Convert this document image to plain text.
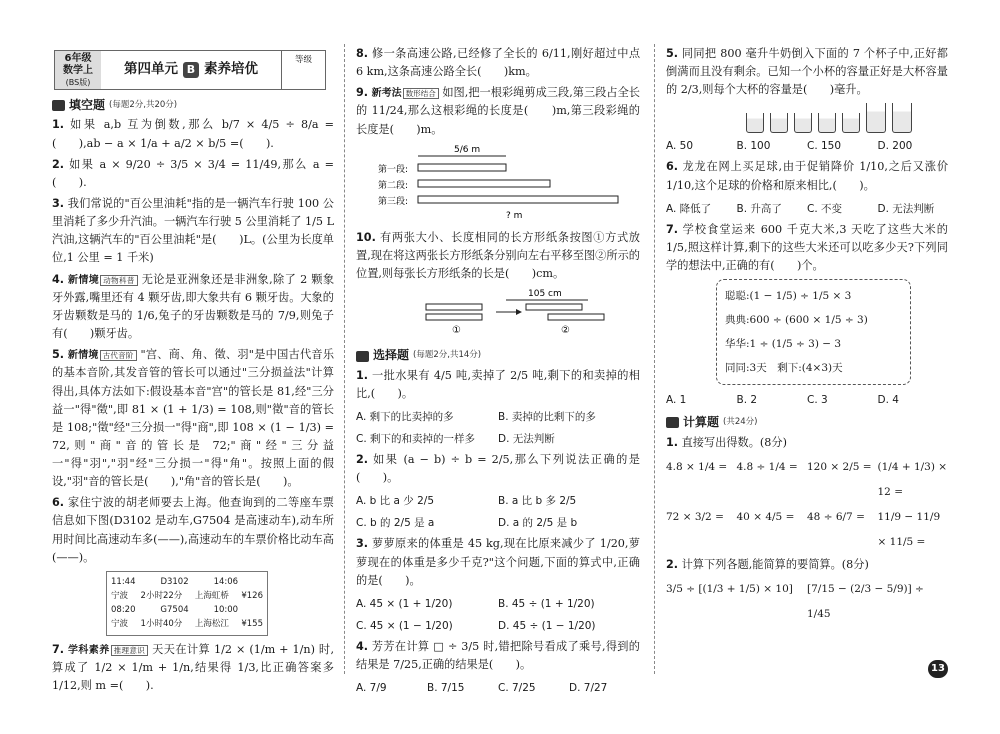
6年级
数学上
(BS版)
第四单元 B 素养培优
等级
填空题 (每题2分,共20分)
1. 如果 a,b 互为倒数,那么 b/7 × 4/5 ÷ 8/a =(　　),ab − a × 1/a + a/2 × b/5 =(　　).
2. 如果 a × 9/20 ÷ 3/5 × 3/4 = 11/49,那么 a =(　　).
3. 我们常说的"百公里油耗"指的是一辆汽车行驶 100 公里消耗了多少升汽油。一辆汽车行驶 5 公里消耗了 1/5 L 汽油,这辆汽车的"百公里油耗"是(　　)L。(公里为长度单位,1 公里 = 1 千米)
4. 新情境 动物科普 无论是亚洲象还是非洲象,除了 2 颗象牙外露,嘴里还有 4 颗牙齿,即大象共有 6 颗牙齿。大象的牙齿颗数是马的 1/6,兔子的牙齿颗数是马的 7/9,则兔子有(　　)颗牙齿。
5. 新情境 古代音阶 "宫、商、角、徵、羽"是中国古代音乐的基本音阶,其发音管的管长可以通过"三分损益法"计算得出,具体方法如下:假设基本音"宫"的管长是 81,经"三分益一"得"徵",即 81 × (1 + 1/3) = 108,则"徵"音的管长是 108;"徵"经"三分损一"得"商",即 108 × (1 − 1/3) = 72,则"商"音的管长是 72;"商"经"三分益一"得"羽","羽"经"三分损一"得"角"。按照上面的假设,"羽"音的管长是(　　),"角"音的管长是(　　)。
6. 家住宁波的胡老师要去上海。他查询到的二等座车票信息如下图(D3102 是动车,G7504 是高速动车),动车所用时间比高速动车多(——),高速动车的车票价格比动车高(——)。
11:44	D3102	14:06
宁波 2小时22分 上海虹桥 ¥126
08:20	G7504	10:00
宁波 1小时40分 上海松江 ¥155
7. 学科素养 推理意识 天天在计算 1/2 × (1/m + 1/n) 时,算成了 1/2 × 1/m + 1/n,结果得 1/3,比正确答案多 1/12,则 m =(　　).
8. 修一条高速公路,已经修了全长的 6/11,刚好超过中点 6 km,这条高速公路全长(　　)km。
9. 新考法 数形结合 如图,把一根彩绳剪成三段,第三段占全长的 11/24,那么这根彩绳的长度是(　　)m,第三段彩绳的长度是(　　)m。
5/6 m
第一段:
第二段:
第三段:
? m
10. 有两张大小、长度相同的长方形纸条按图①方式放置,现在将这两张长方形纸条分别向左右平移至图②所示的位置,则每张长方形纸条的长是(　　)cm。
105 cm
①	②
选择题 (每题2分,共14分)
1. 一批水果有 4/5 吨,卖掉了 2/5 吨,剩下的和卖掉的相比,(　　)。
A. 剩下的比卖掉的多	B. 卖掉的比剩下的多
C. 剩下的和卖掉的一样多	D. 无法判断
2. 如果 (a − b) ÷ b = 2/5,那么下列说法正确的是(　　)。
A. b 比 a 少 2/5	B. a 比 b 多 2/5
C. b 的 2/5 是 a	D. a 的 2/5 是 b
3. 萝萝原来的体重是 45 kg,现在比原来减少了 1/20,萝萝现在的体重是多少千克?"这个问题,下面的算式中,正确的是(　　)。
A. 45 × (1 + 1/20)	B. 45 ÷ (1 + 1/20)
C. 45 × (1 − 1/20)	D. 45 ÷ (1 − 1/20)
4. 芳芳在计算 □ ÷ 3/5 时,错把除号看成了乘号,得到的结果是 7/25,正确的结果是(　　)。
A. 7/9	B. 7/15	C. 7/25	D. 7/27
5. 同同把 800 毫升牛奶倒入下面的 7 个杯子中,正好都倒满而且没有剩余。已知一个小杯的容量正好是大杯容量的 2/3,则每个大杯的容量是(　　)毫升。
A. 50	B. 100	C. 150	D. 200
6. 龙龙在网上买足球,由于促销降价 1/10,之后又涨价 1/10,这个足球的价格和原来相比,(　　)。
A. 降低了	B. 升高了	C. 不变	D. 无法判断
7. 学校食堂运来 600 千克大米,3 天吃了这些大米的 1/5,照这样计算,剩下的这些大米还可以吃多少天?下列同学的想法中,正确的有(　　)个。
聪聪:(1 − 1/5) ÷ 1/5 × 3
典典:600 ÷ (600 × 1/5 ÷ 3)
华华:1 ÷ (1/5 ÷ 3) − 3
同同:3天　剩下:(4×3)天
A. 1	B. 2	C. 3	D. 4
计算题 (共24分)
1. 直接写出得数。(8分)
4.8 × 1/4 = 4.8 ÷ 1/4 = 120 × 2/5 = (1/4 + 1/3) × 12 =
72 × 3/2 =	40 × 4/5 =	48 ÷ 6/7 =	11/9 − 11/9 × 11/5 =
2. 计算下列各题,能简算的要简算。(8分)
3/5 ÷ [(1/3 + 1/5) × 10]	[7/15 − (2/3 − 5/9)] ÷ 1/45
13
